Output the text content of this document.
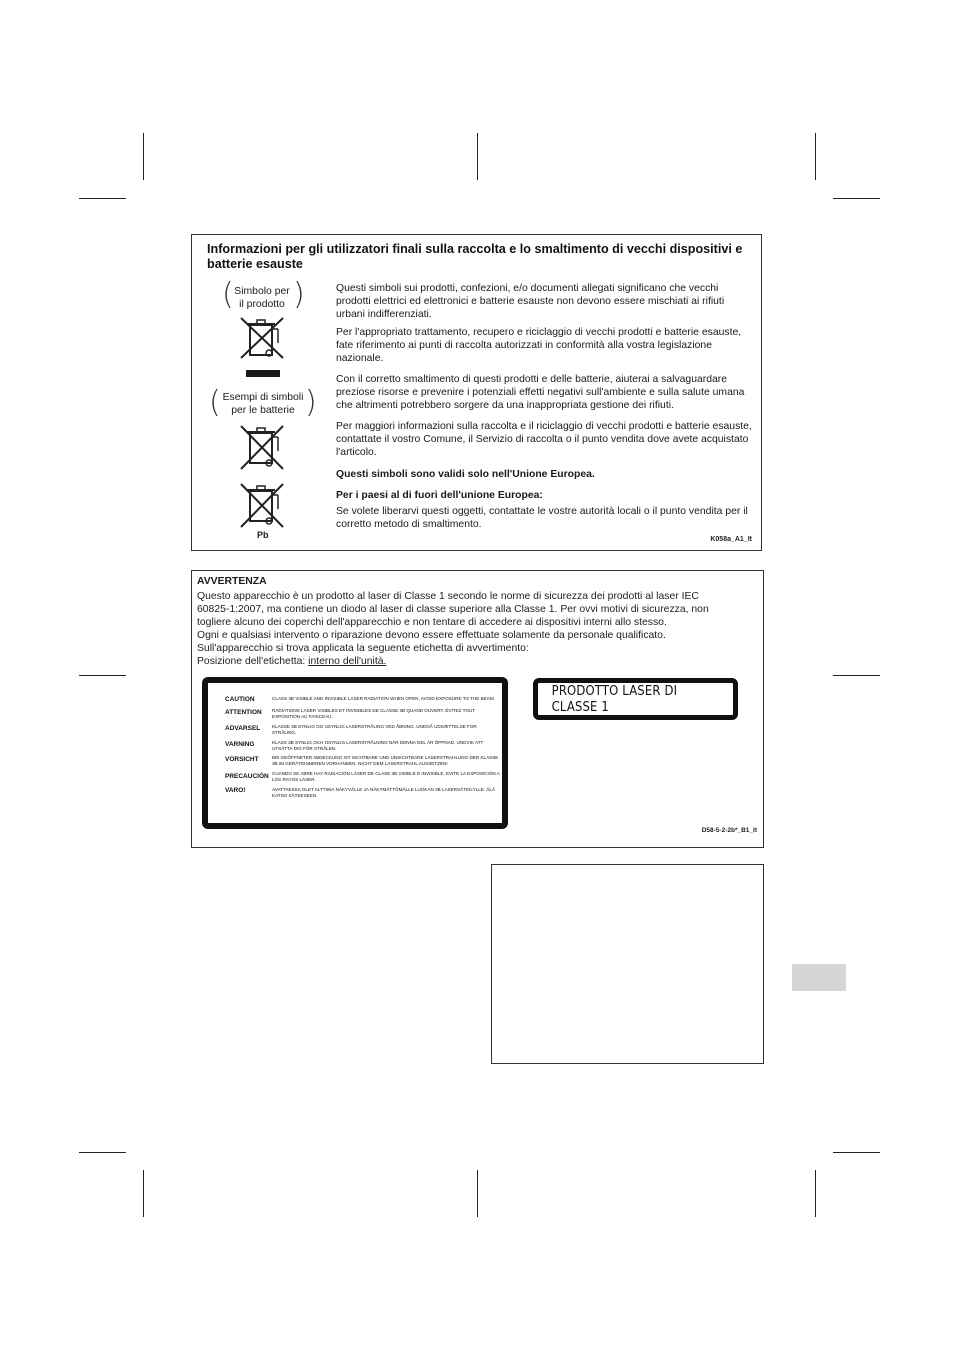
Informazioni per gli utilizzatori finali sulla raccolta e lo smaltimento di vecchi dispositivi e batterie esauste
( Simbolo per
il prodotto )
( Esempi di simboli
per le batterie )
Pb
Questi simboli sui prodotti, confezioni, e/o documenti allegati significano che vecchi prodotti elettrici ed elettronici e batterie esauste non devono essere mischiati ai rifiuti urbani indifferenziati.
Per l'appropriato trattamento, recupero e riciclaggio di vecchi prodotti e batterie esauste, fate riferimento ai punti di raccolta autorizzati in conformità alla vostra legislazione nazionale.
Con il corretto smaltimento di questi prodotti e delle batterie, aiuterai a salvaguardare preziose risorse e prevenire i potenziali effetti negativi sull'ambiente e sulla salute umana che altrimenti potrebbero sorgere da una inappropriata gestione dei rifiuti.
Per maggiori informazioni sulla raccolta e il riciclaggio di vecchi prodotti e batterie esauste, contattate il vostro Comune, il Servizio di raccolta o il punto vendita dove avete acquistato l'articolo.
Questi simboli sono validi solo nell'Unione Europea.
Per i paesi al di fuori dell'unione Europea:
Se volete liberarvi questi oggetti, contattate le vostre autorità locali o il punto vendita per il corretto metodo di smaltimento.
K058a_A1_It
AVVERTENZA
Questo apparecchio è un prodotto al laser di Classe 1 secondo le norme di sicurezza dei prodotti al laser IEC
60825-1:2007, ma contiene un diodo al laser di classe superiore alla Classe 1. Per ovvi motivi di sicurezza, non
togliere alcuno dei coperchi dell'apparecchio e non tentare di accedere ai dispositivi interni allo stesso.
Ogni e qualsiasi intervento o riparazione devono essere effettuate solamente da personale qualificato.
Sull'apparecchio si trova applicata la seguente etichetta di avvertimento:
Posizione dell'etichetta: interno dell'unità.
CAUTION	CLASS 3B VISIBLE AND INVISIBLE LASER RADIATION WHEN OPEN, AVOID EXPOSURE TO THE BEAM.
ATTENTION RADIATIONS LASER VISIBLES ET INVISIBLES DE CLASSE 3B QUAND OUVERT. ÉVITEZ TOUT EXPOSITION AU FAISCEAU.
ADVARSEL	KLASSE 3B SYNLIG OG USYNLIG LASERSTRÅLING VED ÅBNING. UNDGÅ UDSÆTTELSE FOR STRÅLING.
VARNING	KLASS 3B SYNLIG OCH OSYNLIG LASERSTRÅLNING NÄR DENNA DEL ÄR ÖPPNAD. UNDVIK ATT UTSÄTTA DIG FÖR STRÅLEN.
VORSICHT	BEI GEÖFFNETER ABDECKUNG IST SICHTBARE UND UNSICHTBARE LASERSTRAHLUNG DER KLASSE 3B IM GERÄTEINNEREN VORHANDEN. NICHT DEM LASERSTRAHL AUSSETZEN!
PRECAUCIÓN CUANDO SE ABRE HAY RADIACIÓN LÁSER DE CLASE 3B VISIBLE E INVISIBLE. EVITE LA EXPOSICIÓN A LOS RAYOS LÁSER.
VARO!	AVATTAESSA OLET ALTTIINA NÄKYVÄLLE JA NÄKYMÄTTÖMÄLLE LUOKAN 3B LASERSÄTEILYLLE. ÄLÄ KATSO SÄTEESEEN.
PRODOTTO LASER DI CLASSE 1
D58-5-2-2b*_B1_It
